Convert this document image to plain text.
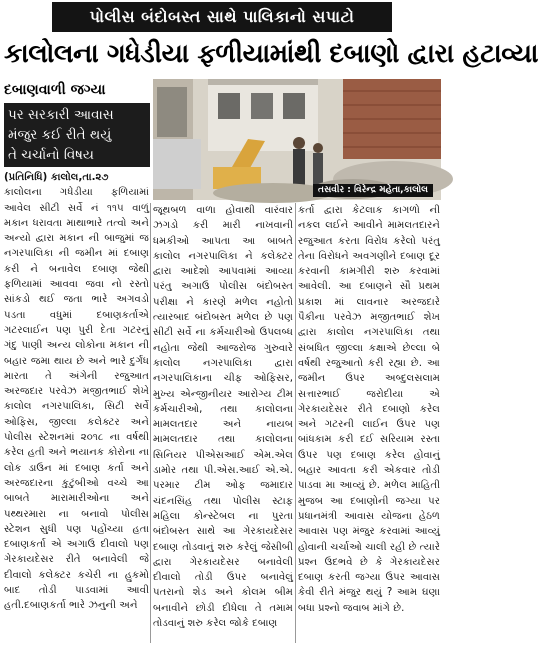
પોલીસ બંદોબસ્ત સાથે પાલિકાનો સપાટો
કાલોલના ગધેડીયા ફળીયામાંથી દબાણો દ્વારા હટાવ્યા
દબાણવાળી જગ્યા
પર સરકારી આવાસ
મંજુર કઈ રીતે થયું
તે ચર્ચાનો વિષય
તસવીર : વિરેન્દ્ર મહેતા,કાલોલ
(પ્રતિનિધિ) કાલોલ,તા.૨૭
કાલોલના ગધેડીયા ફળિયામાં આવેલ સીટી સર્વે નં ૧૧૫ વાળું મકાન ધરાવતા માથાભારે તત્વો અને અન્યો દ્વારા મકાન ની બાજુમાં જ નગરપાલિકા ની જમીન માં દબાણ કરી ને બનાવેલ દબાણ જેથી ફળિયામાં આવવા જવા નો રસ્તો સાંકડો થઈ જતા ભારે અગવડો પડતા વધુમાં દબાણકર્તાએ ગટરલાઈન પણ પુરી દેતા ગટરનું ગંદુ પાણી અન્ય લોકોના મકાન ની બહાર જમા થાય છે અને ભારે દુર્ગંધ મારતા તે અંગેની રજુઆત અરજદાર પરવેઝ મજીતભાઈ શેખે કાલોલ નગરપાલિકા, સિટી સર્વે ઓફિસ, જીલ્લા કલેક્ટર અને પોલીસ સ્ટેશનમાં ૨૦૧૮ ના વર્ષથી કરેલ હતી અને ભયાનક કોરોના ના લોક ડાઉન માં દબાણ કર્તા અને અરજદારના કુટુંબીઓ વચ્ચે આ બાબતે મારામારીઓના અને પથ્થરમારા ના બનાવો પોલીસ સ્ટેશન સુધી પણ પહોંચ્યા હતા દબાણકર્તા એ અગાઉ દીવાલો પણ ગેરકાયદેસર રીતે બનાવેલી જે દીવાલો કલેક્ટર કચેરી ના હુકમો બાદ તોડી પાડવામાં આવી હતી.દબાણકર્તા ભારે ઝનુની અને
જૂથબળ વાળા હોવાથી વારંવાર ઝગડો કરી મારી નાખવાની ધમકીઓ આપતા આ બાબતે કાલોલ નગરપાલિકા ને કલેક્ટર દ્વારા આદેશો આપવામાં આવ્યા પરંતુ અગાઉ પોલીસ બંદોબસ્ત પરીક્ષા ને કારણે મળેલ નહોતો ત્યારબાદ બંદોબસ્ત મળેલ છે પણ સીટી સર્વે ના કર્મચારીઓ ઉપલબ્ધ નહોતા જેથી આજરોજ ગુરુવારે કાલોલ નગરપાલિકા દ્વારા નગરપાલિકાના ચીફ ઓફિસર, મુખ્ય એન્જીનીયર આરોગ્ય ટીમ કર્મચારીઓ, તથા કાલોલના મામલતદાર અને નાયબ મામલતદાર તથા કાલોલના સિનિયર પીએસઆઈ એમ.એલ ડામોર તથા પી.એસ.આઈ એ.એ. પરમાર ટીમ ઓફ જમાદાર ચંદનસિંહ તથા પોલીસ સ્ટાફ મહિલા કોન્સ્ટેબલ ના પુરતા બંદોબસ્ત સાથે આ ગેરકાયદેસર દબાણ તોડવાનું શરુ કરેલું જેસીબી દ્વારા ગેરકાયદેસર બનાવેલી દીવાલો તોડી ઉપર બનાવેલું પતરાનો શેડ અને કોલમ બીમ બનાવીને છોડી દીધેલા તે તમામ તોડવાનું શરુ કરેલ જોકે દબાણ
કર્તા દ્વારા કેટલાક કાગળો ની નકલ લઈને આવીને મામલતદારને રજુઆત કરતા વિરોધ કરેલો પરંતુ તેના વિરોધને અવગણીને દબાણ દૂર કરવાની કામગીરી શરુ કરવામાં આવેલી. આ દબાણને સૌ પ્રથમ પ્રકાશ માં લાવનાર અરજદારે પૈકીના પરવેઝ મજીતભાઈ શેખ દ્વારા કાલોલ નગરપાલિકા તથા સંબધિત જીલ્લા કક્ષાએ છેલ્લા બે વર્ષથી રજુઆતો કરી રહ્યા છે. આ જમીન ઉપર અબ્દુલસલામ સત્તારભાઈ જરોદીયા એ ગેરકાયદેસર રીતે દબાણો કરેલ અને ગટરની લાઈન ઉપર પણ બાંધકામ કરી દઈ સરિયામ રસ્તા ઉપર પણ દબાણ કરેલ હોવાનું બહાર આવતા કરી એકવાર તોડી પાડવા મા આવ્યું છે. મળેલ માહિતી મુજબ આ દબાણોની જગ્યા પર પ્રધાનમંત્રી આવાસ યોજના હેઠળ આવાસ પણ મંજુર કરવામાં આવ્યું હોવાની ચર્ચાઓ ચાલી રહી છે ત્યારે પ્રશ્ન ઉદભવે છે કે ગેરકાયદેસર દબાણ કરતી જગ્યા ઉપર આવાસ કેવી રીતે મંજુર થયું ? આમ ઘણા બધા પ્રશ્નો જવાબ માંગે છે.
